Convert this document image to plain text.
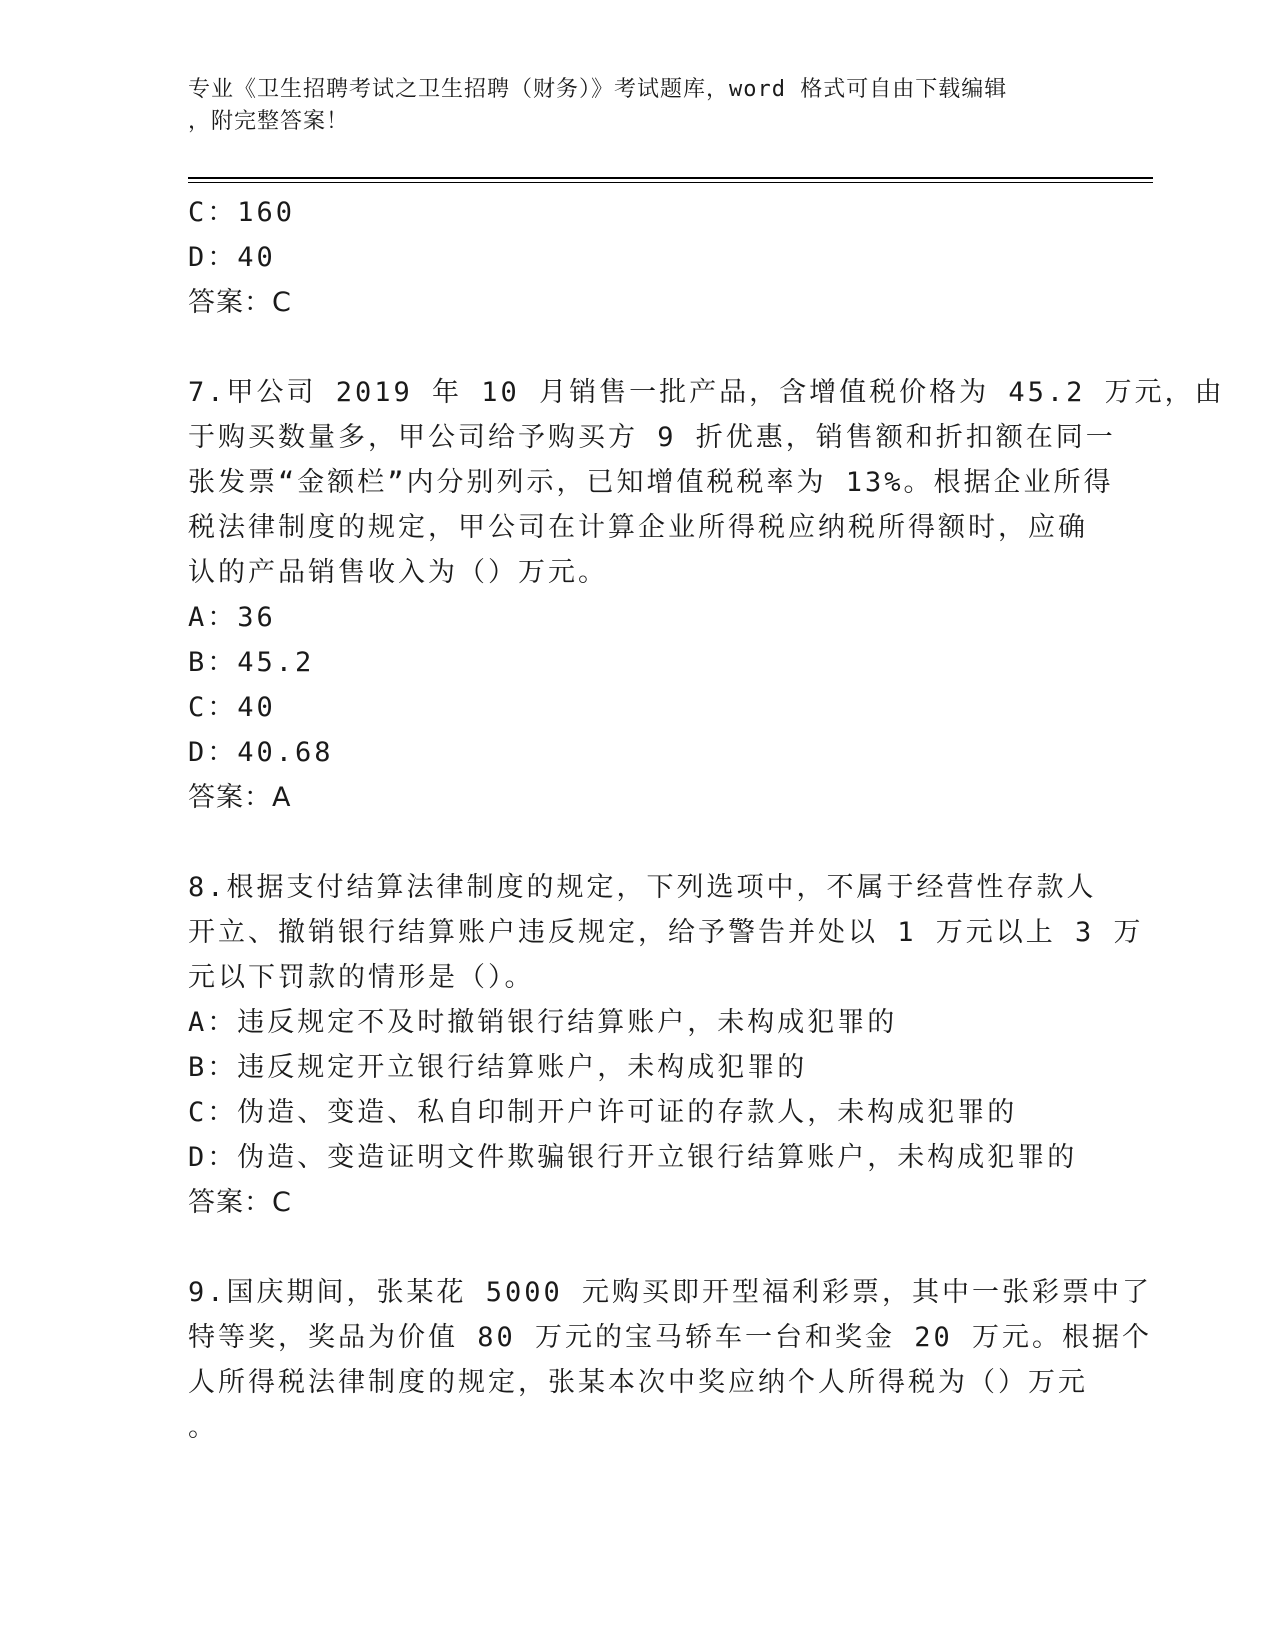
专业《卫生招聘考试之卫生招聘（财务）》考试题库，word 格式可自由下载编辑
，附完整答案！
C：160
D：40
答案：C
7.甲公司 2019 年 10 月销售一批产品，含增值税价格为 45.2 万元，由
于购买数量多，甲公司给予购买方 9 折优惠，销售额和折扣额在同一
张发票“金额栏”内分别列示，已知增值税税率为 13%。根据企业所得
税法律制度的规定，甲公司在计算企业所得税应纳税所得额时，应确
认的产品销售收入为（）万元。
A：36
B：45.2
C：40
D：40.68
答案：A
8.根据支付结算法律制度的规定，下列选项中，不属于经营性存款人
开立、撤销银行结算账户违反规定，给予警告并处以 1 万元以上 3 万
元以下罚款的情形是（）。
A：违反规定不及时撤销银行结算账户，未构成犯罪的
B：违反规定开立银行结算账户，未构成犯罪的
C：伪造、变造、私自印制开户许可证的存款人，未构成犯罪的
D：伪造、变造证明文件欺骗银行开立银行结算账户，未构成犯罪的
答案：C
9.国庆期间，张某花 5000 元购买即开型福利彩票，其中一张彩票中了
特等奖，奖品为价值 80 万元的宝马轿车一台和奖金 20 万元。根据个
人所得税法律制度的规定，张某本次中奖应纳个人所得税为（）万元
。
